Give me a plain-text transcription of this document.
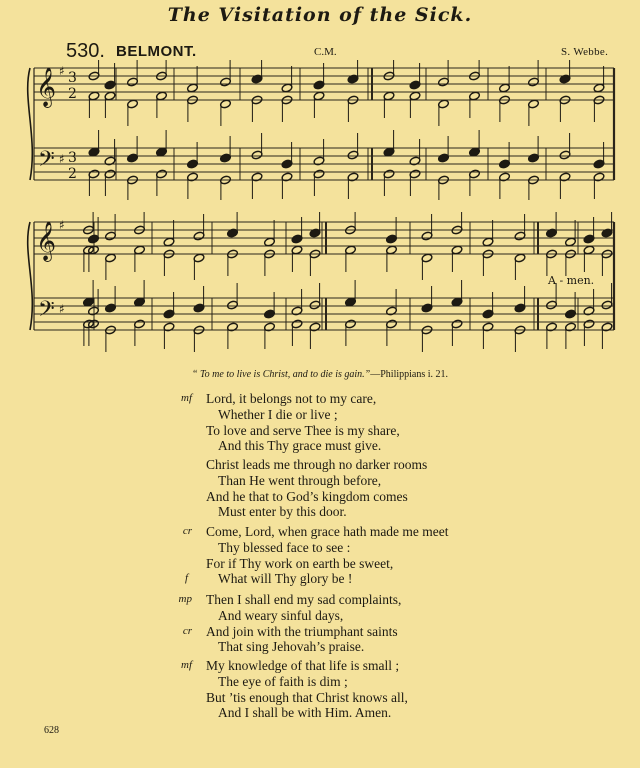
The Visitation of the Sick.
530. BELMONT.	C.M.	S. Webbe.
𝄞
𝄢
♯
♯
3
3
2
2
𝄞
𝄢
♯
♯
A - men.
“ To me to live is Christ, and to die is gain.”—Philippians i. 21.
mf Lord, it belongs not to my care,
Whether I die or live ;
To love and serve Thee is my share,
And this Thy grace must give.
Christ leads me through no darker rooms
Than He went through before,
And he that to God’s kingdom comes
Must enter by this door.
cr Come, Lord, when grace hath made me meet
Thy blessed face to see :
For if Thy work on earth be sweet,
f What will Thy glory be !
mp Then I shall end my sad complaints,
And weary sinful days,
cr And join with the triumphant saints
That sing Jehovah’s praise.
mf My knowledge of that life is small ;
The eye of faith is dim ;
But ’tis enough that Christ knows all,
And I shall be with Him. Amen.
628
